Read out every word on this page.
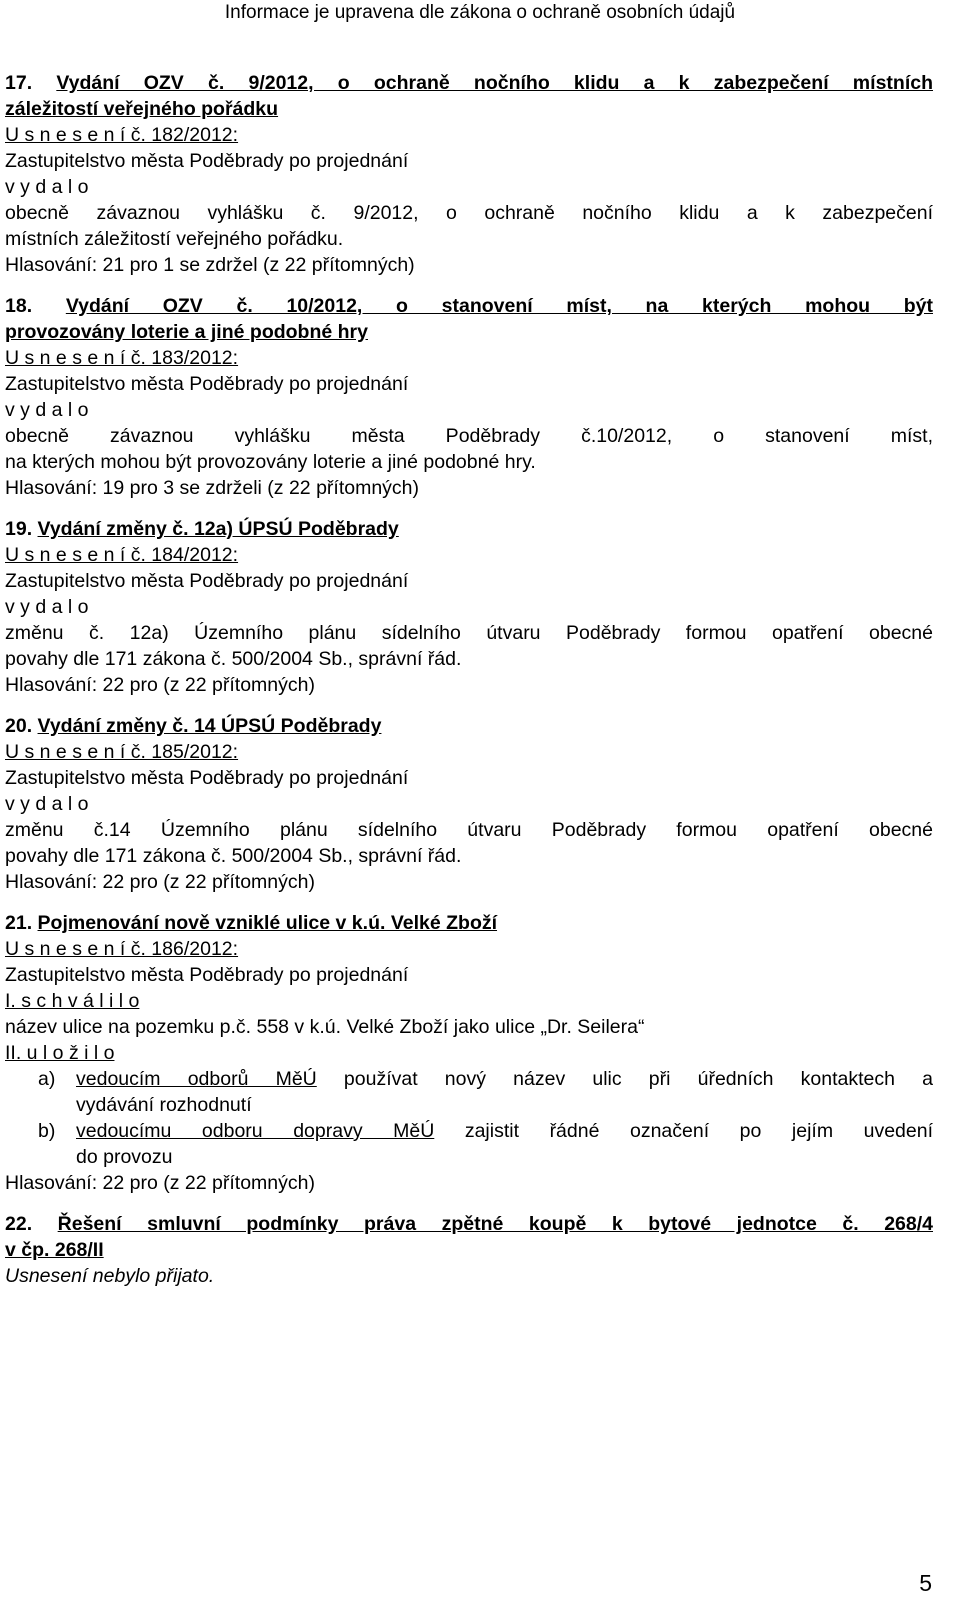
Informace je upravena dle zákona o ochraně osobních údajů
17. Vydání OZV č. 9/2012, o ochraně nočního klidu a k zabezpečení místních
záležitostí veřejného pořádku
U s n e s e n í č. 182/2012:
Zastupitelstvo města Poděbrady po projednání
v y d a l o
obecně závaznou vyhlášku č. 9/2012, o ochraně nočního klidu a k zabezpečení
místních záležitostí veřejného pořádku.
Hlasování: 21 pro 1 se zdržel (z 22 přítomných)
18. Vydání OZV č. 10/2012, o stanovení míst, na kterých mohou být
provozovány loterie a jiné podobné hry
U s n e s e n í č. 183/2012:
Zastupitelstvo města Poděbrady po projednání
v y d a l o
obecně závaznou vyhlášku města Poděbrady č.10/2012, o stanovení míst,
na kterých mohou být provozovány loterie a jiné podobné hry.
Hlasování: 19 pro 3 se zdrželi (z 22 přítomných)
19. Vydání změny č. 12a) ÚPSÚ Poděbrady
U s n e s e n í č. 184/2012:
Zastupitelstvo města Poděbrady po projednání
v y d a l o
změnu č. 12a) Územního plánu sídelního útvaru Poděbrady formou opatření obecné
povahy dle 171 zákona č. 500/2004 Sb., správní řád.
Hlasování: 22 pro (z 22 přítomných)
20. Vydání změny č. 14 ÚPSÚ Poděbrady
U s n e s e n í č. 185/2012:
Zastupitelstvo města Poděbrady po projednání
v y d a l o
změnu č.14 Územního plánu sídelního útvaru Poděbrady formou opatření obecné
povahy dle 171 zákona č. 500/2004 Sb., správní řád.
Hlasování: 22 pro (z 22 přítomných)
21. Pojmenování nově vzniklé ulice v k.ú. Velké Zboží
U s n e s e n í č. 186/2012:
Zastupitelstvo města Poděbrady po projednání
I. s c h v á l i l o
název ulice na pozemku p.č. 558 v k.ú. Velké Zboží jako ulice „Dr. Seilera“
II. u l o ž i l o
a)	vedoucím odborů MěÚ používat nový název ulic při úředních kontaktech a
vydávání rozhodnutí
b)	vedoucímu odboru dopravy MěÚ zajistit řádné označení po jejím uvedení
do provozu
Hlasování: 22 pro (z 22 přítomných)
22. Řešení smluvní podmínky práva zpětné koupě k bytové jednotce č. 268/4
v čp. 268/II
Usnesení nebylo přijato.
5
